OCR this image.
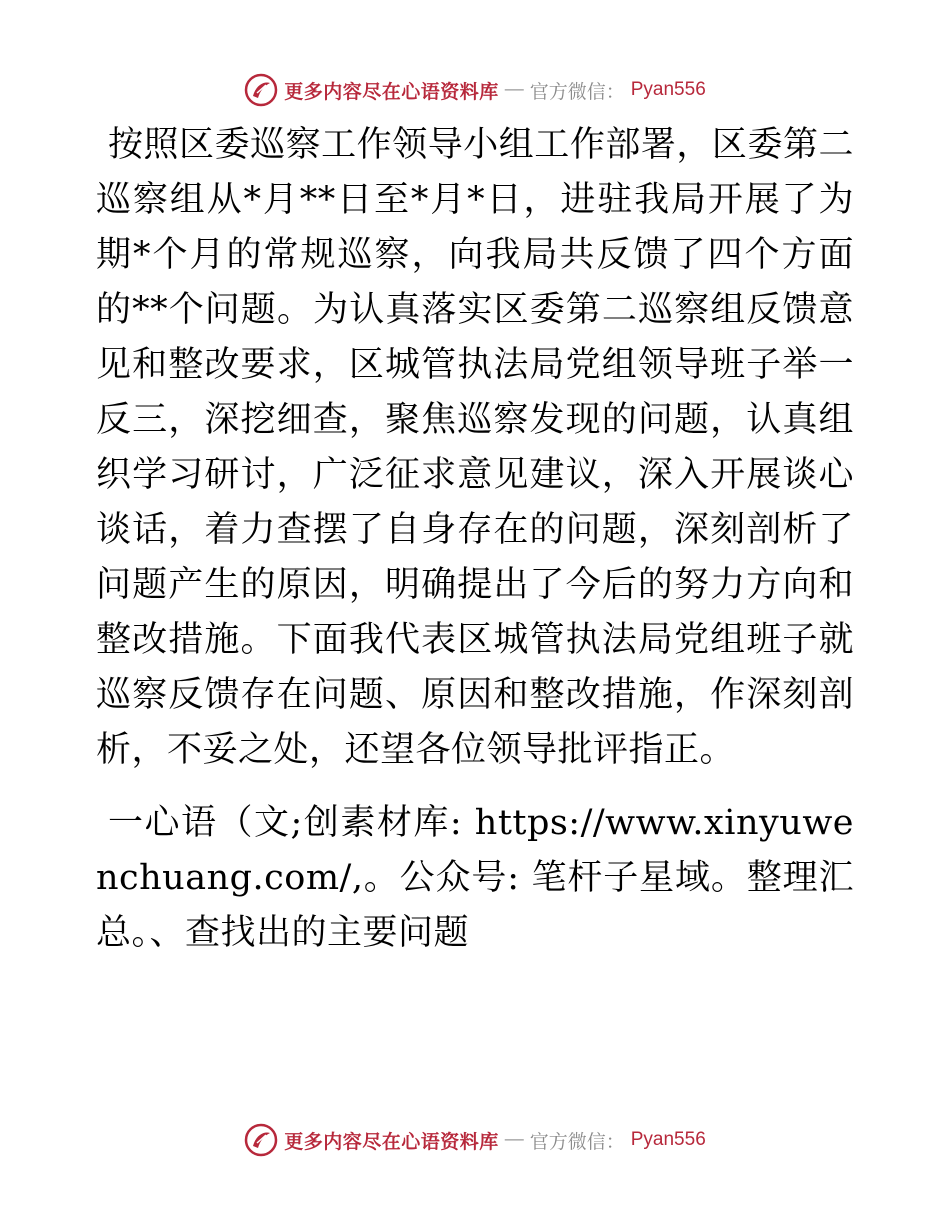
更多内容尽在心语资料库 — 官方微信： Pyan556

按照区委巡察工作领导小组工作部署，区委第二巡察组从*月**日至*月*日，进驻我局开展了为期*个月的常规巡察，向我局共反馈了四个方面的**个问题。为认真落实区委第二巡察组反馈意见和整改要求，区城管执法局党组领导班子举一反三，深挖细查，聚焦巡察发现的问题，认真组织学习研讨，广泛征求意见建议，深入开展谈心谈话，着力查摆了自身存在的问题，深刻剖析了问题产生的原因，明确提出了今后的努力方向和整改措施。下面我代表区城管执法局党组班子就巡察反馈存在问题、原因和整改措施，作深刻剖析，不妥之处，还望各位领导批评指正。

一心语（文;创素材库: https://www.xinyuwenchuang.com/,。公众号: 笔杆子星域。整理汇总。、查找出的主要问题

更多内容尽在心语资料库 — 官方微信： Pyan556
